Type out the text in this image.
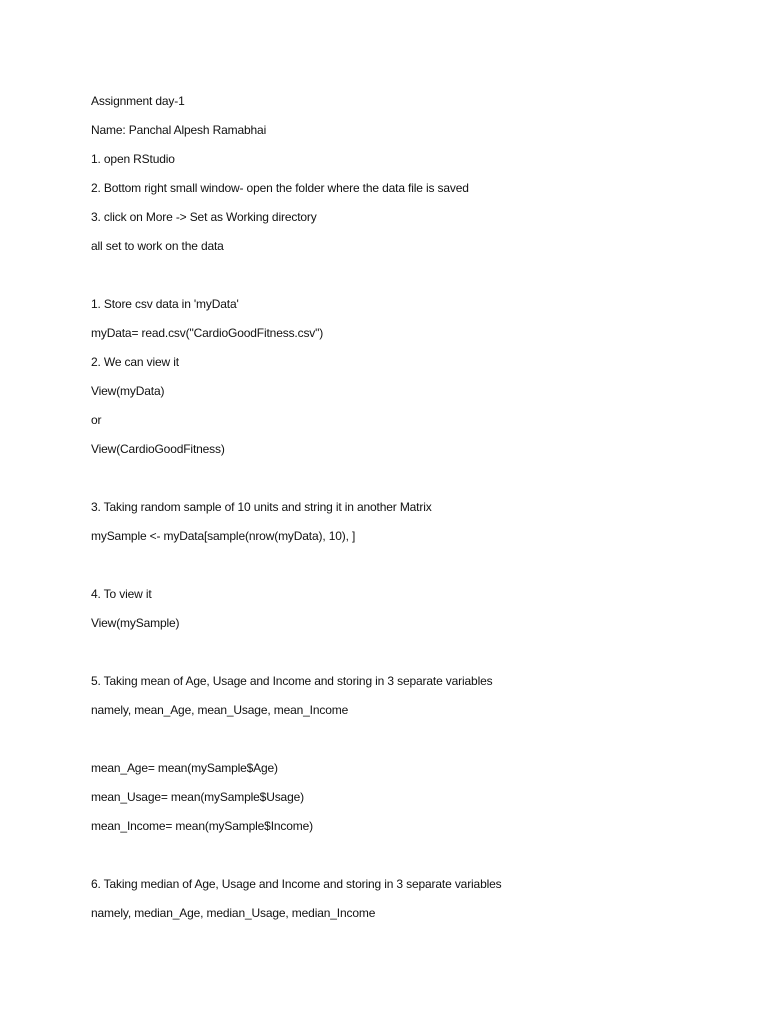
Assignment day-1
Name: Panchal Alpesh Ramabhai
1. open RStudio
2. Bottom right small window- open the folder where the data file is saved
3. click on More -> Set as Working directory
all set to work on the data
1. Store csv data in 'myData'
myData= read.csv("CardioGoodFitness.csv")
2. We can view it
View(myData)
or
View(CardioGoodFitness)
3. Taking random sample of 10 units and string it in another Matrix
mySample <- myData[sample(nrow(myData), 10), ]
4. To view it
View(mySample)
5. Taking mean of Age, Usage and Income and storing in 3 separate variables
namely, mean_Age, mean_Usage, mean_Income
mean_Age= mean(mySample$Age)
mean_Usage= mean(mySample$Usage)
mean_Income= mean(mySample$Income)
6. Taking median of Age, Usage and Income and storing in 3 separate variables
namely, median_Age, median_Usage, median_Income
